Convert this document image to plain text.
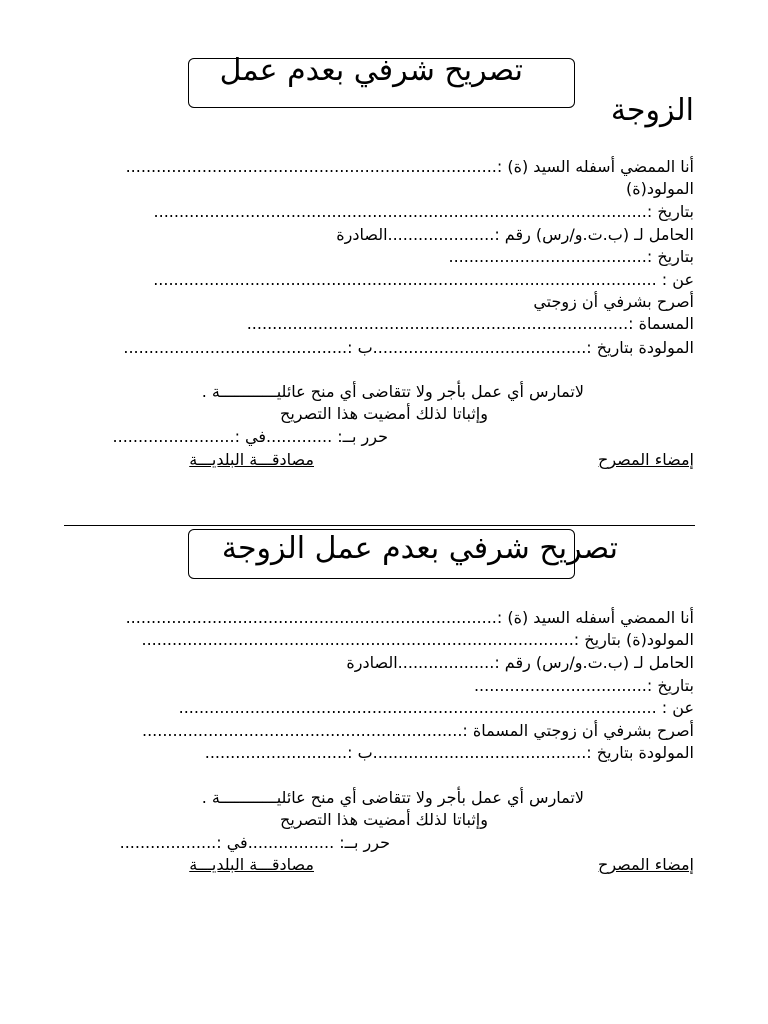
تصريح شرفي بعدم عمل
الزوجة
أنا الممضي أسفله السيد (ة) :.........................................................................
المولود(ة)
بتاريخ :.................................................................................................
الحامل لـ (ب.ت.و/رس) رقم :.....................الصادرة
بتاريخ :.......................................
عن : ...................................................................................................
أصرح بشرفي أن زوجتي
المسماة :...........................................................................
المولودة بتاريخ :..........................................ب :............................................
لاتمارس أي عمل بأجر ولا تتقاضى أي منح عائليــــــــــــة .
وإثباتا لذلك أمضيت هذا التصريح
حرر بــ: .............في :........................
إمضاء المصرح
مصادقـــة البلديـــة
تصريح شرفي بعدم عمل الزوجة
أنا الممضي أسفله السيد (ة) :.........................................................................
المولود(ة) بتاريخ :.....................................................................................
الحامل لـ (ب.ت.و/رس) رقم :...................الصادرة
بتاريخ :..................................
عن : ..............................................................................................
أصرح بشرفي أن زوجتي المسماة :...............................................................
المولودة بتاريخ :..........................................ب :............................
لاتمارس أي عمل بأجر ولا تتقاضى أي منح عائليــــــــــــة .
وإثباتا لذلك أمضيت هذا التصريح
حرر بــ: .................في :...................
إمضاء المصرح
مصادقـــة البلديـــة
